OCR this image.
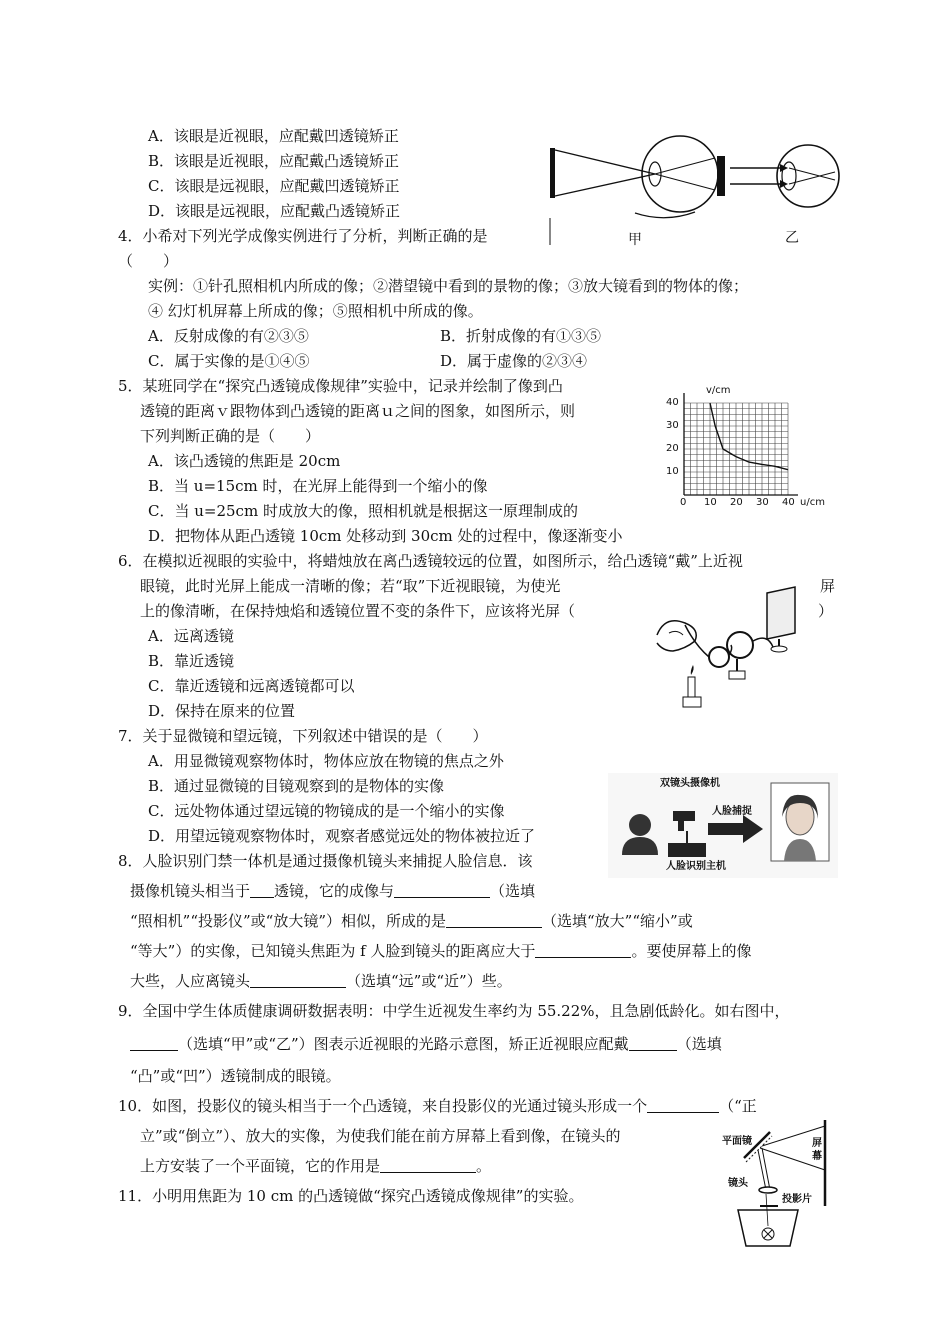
A．该眼是近视眼，应配戴凹透镜矫正
B．该眼是近视眼，应配戴凸透镜矫正
C．该眼是远视眼，应配戴凹透镜矫正
D．该眼是远视眼，应配戴凸透镜矫正
甲	乙
4．小希对下列光学成像实例进行了分析，判断正确的是
（　　）
实例：①针孔照相机内所成的像；②潜望镜中看到的景物的像；③放大镜看到的物体的像；
④ 幻灯机屏幕上所成的像；⑤照相机中所成的像。
A．反射成像的有②③⑤	B．折射成像的有①③⑤
C．属于实像的是①④⑤	D．属于虚像的②③④
5．某班同学在“探究凸透镜成像规律”实验中，记录并绘制了像到凸
透镜的距离ｖ跟物体到凸透镜的距离ｕ之间的图象，如图所示，则
下列判断正确的是（　　）
A．该凸透镜的焦距是 20cm
B．当 u=15cm 时，在光屏上能得到一个缩小的像
C．当 u=25cm 时成放大的像，照相机就是根据这一原理制成的
D．把物体从距凸透镜 10cm 处移动到 30cm 处的过程中，像逐渐变小
v/cm
u/cm
40
30
20
10
0 10 20 30 40
6．在模拟近视眼的实验中，将蜡烛放在离凸透镜较远的位置，如图所示，给凸透镜“戴”上近视
眼镜，此时光屏上能成一清晰的像；若“取”下近视眼镜，为使光	屏
上的像清晰，在保持烛焰和透镜位置不变的条件下，应该将光屏（	）
A．远离透镜
B．靠近透镜
C．靠近透镜和远离透镜都可以
D．保持在原来的位置
7．关于显微镜和望远镜，下列叙述中错误的是（　　）
A．用显微镜观察物体时，物体应放在物镜的焦点之外
B．通过显微镜的目镜观察到的是物体的实像
C．远处物体通过望远镜的物镜成的是一个缩小的实像
D．用望远镜观察物体时，观察者感觉远处的物体被拉近了
双镜头摄像机
人脸捕捉
人脸识别主机
8．人脸识别门禁一体机是通过摄像机镜头来捕捉人脸信息．该
摄像机镜头相当于 透镜，它的成像与	（选填
“照相机”“投影仪”或“放大镜”）相似，所成的是	（选填“放大”“缩小”或
“等大”）的实像，已知镜头焦距为 f 人脸到镜头的距离应大于	。要使屏幕上的像
大些，人应离镜头	（选填“远”或“近”）些。
9．全国中学生体质健康调研数据表明：中学生近视发生率约为 55.22%，且急剧低龄化。如右图中，
（选填“甲”或“乙”）图表示近视眼的光路示意图，矫正近视眼应配戴	（选填
“凸”或“凹”）透镜制成的眼镜。
10．如图，投影仪的镜头相当于一个凸透镜，来自投影仪的光通过镜头形成一个	（“正
立”或“倒立”）、放大的实像，为使我们能在前方屏幕上看到像，在镜头的
上方安装了一个平面镜，它的作用是	。
平面镜	屏
幕
镜头
投影片
11．小明用焦距为 10 cm 的凸透镜做“探究凸透镜成像规律”的实验。
